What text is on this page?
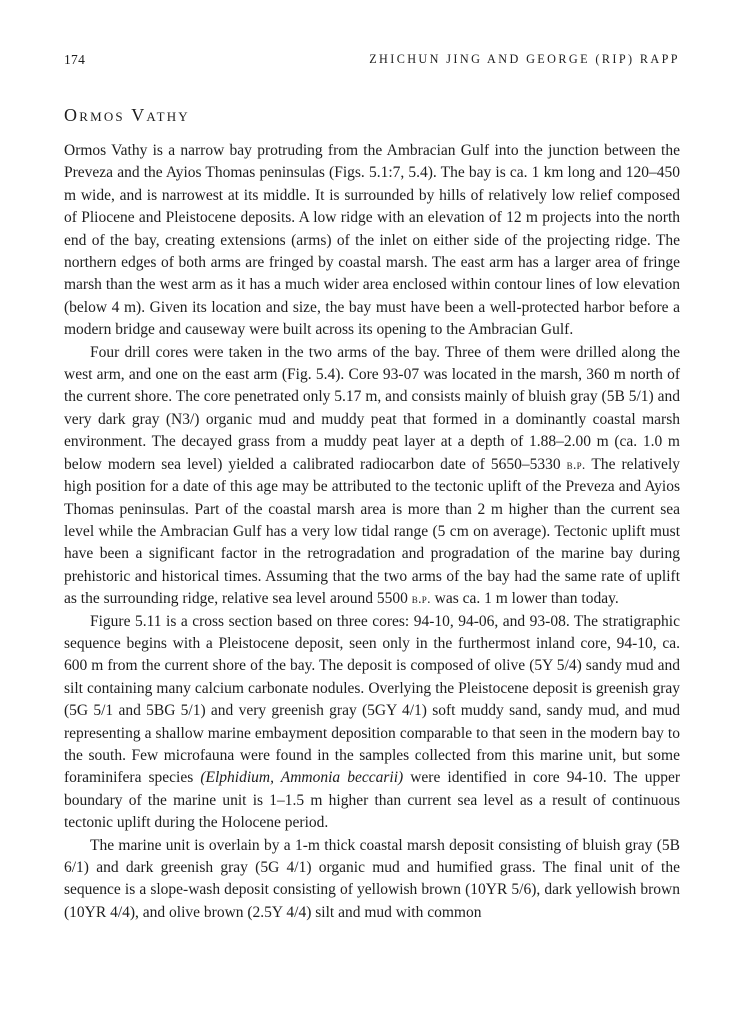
174	ZHICHUN JING AND GEORGE (RIP) RAPP
Ormos Vathy

Ormos Vathy is a narrow bay protruding from the Ambracian Gulf into the junction between the Preveza and the Ayios Thomas peninsulas (Figs. 5.1:7, 5.4). The bay is ca. 1 km long and 120–450 m wide, and is narrowest at its middle. It is surrounded by hills of relatively low relief composed of Pliocene and Pleistocene deposits. A low ridge with an elevation of 12 m projects into the north end of the bay, creating extensions (arms) of the inlet on either side of the projecting ridge. The northern edges of both arms are fringed by coastal marsh. The east arm has a larger area of fringe marsh than the west arm as it has a much wider area enclosed within contour lines of low elevation (below 4 m). Given its location and size, the bay must have been a well-protected harbor before a modern bridge and causeway were built across its opening to the Ambracian Gulf.

Four drill cores were taken in the two arms of the bay. Three of them were drilled along the west arm, and one on the east arm (Fig. 5.4). Core 93-07 was located in the marsh, 360 m north of the current shore. The core penetrated only 5.17 m, and consists mainly of bluish gray (5B 5/1) and very dark gray (N3/) organic mud and muddy peat that formed in a dominantly coastal marsh environment. The decayed grass from a muddy peat layer at a depth of 1.88–2.00 m (ca. 1.0 m below modern sea level) yielded a calibrated radiocarbon date of 5650–5330 b.p. The relatively high position for a date of this age may be attributed to the tectonic uplift of the Preveza and Ayios Thomas peninsulas. Part of the coastal marsh area is more than 2 m higher than the current sea level while the Ambracian Gulf has a very low tidal range (5 cm on average). Tectonic uplift must have been a significant factor in the retrogradation and progradation of the marine bay during prehistoric and historical times. Assuming that the two arms of the bay had the same rate of uplift as the surrounding ridge, relative sea level around 5500 b.p. was ca. 1 m lower than today.

Figure 5.11 is a cross section based on three cores: 94-10, 94-06, and 93-08. The stratigraphic sequence begins with a Pleistocene deposit, seen only in the furthermost inland core, 94-10, ca. 600 m from the current shore of the bay. The deposit is composed of olive (5Y 5/4) sandy mud and silt containing many calcium carbonate nodules. Overlying the Pleistocene deposit is greenish gray (5G 5/1 and 5BG 5/1) and very greenish gray (5GY 4/1) soft muddy sand, sandy mud, and mud representing a shallow marine embayment deposition comparable to that seen in the modern bay to the south. Few microfauna were found in the samples collected from this marine unit, but some foraminifera species (Elphidium, Ammonia beccarii) were identified in core 94-10. The upper boundary of the marine unit is 1–1.5 m higher than current sea level as a result of continuous tectonic uplift during the Holocene period.

The marine unit is overlain by a 1-m thick coastal marsh deposit consisting of bluish gray (5B 6/1) and dark greenish gray (5G 4/1) organic mud and humified grass. The final unit of the sequence is a slope-wash deposit consisting of yellowish brown (10YR 5/6), dark yellowish brown (10YR 4/4), and olive brown (2.5Y 4/4) silt and mud with common
